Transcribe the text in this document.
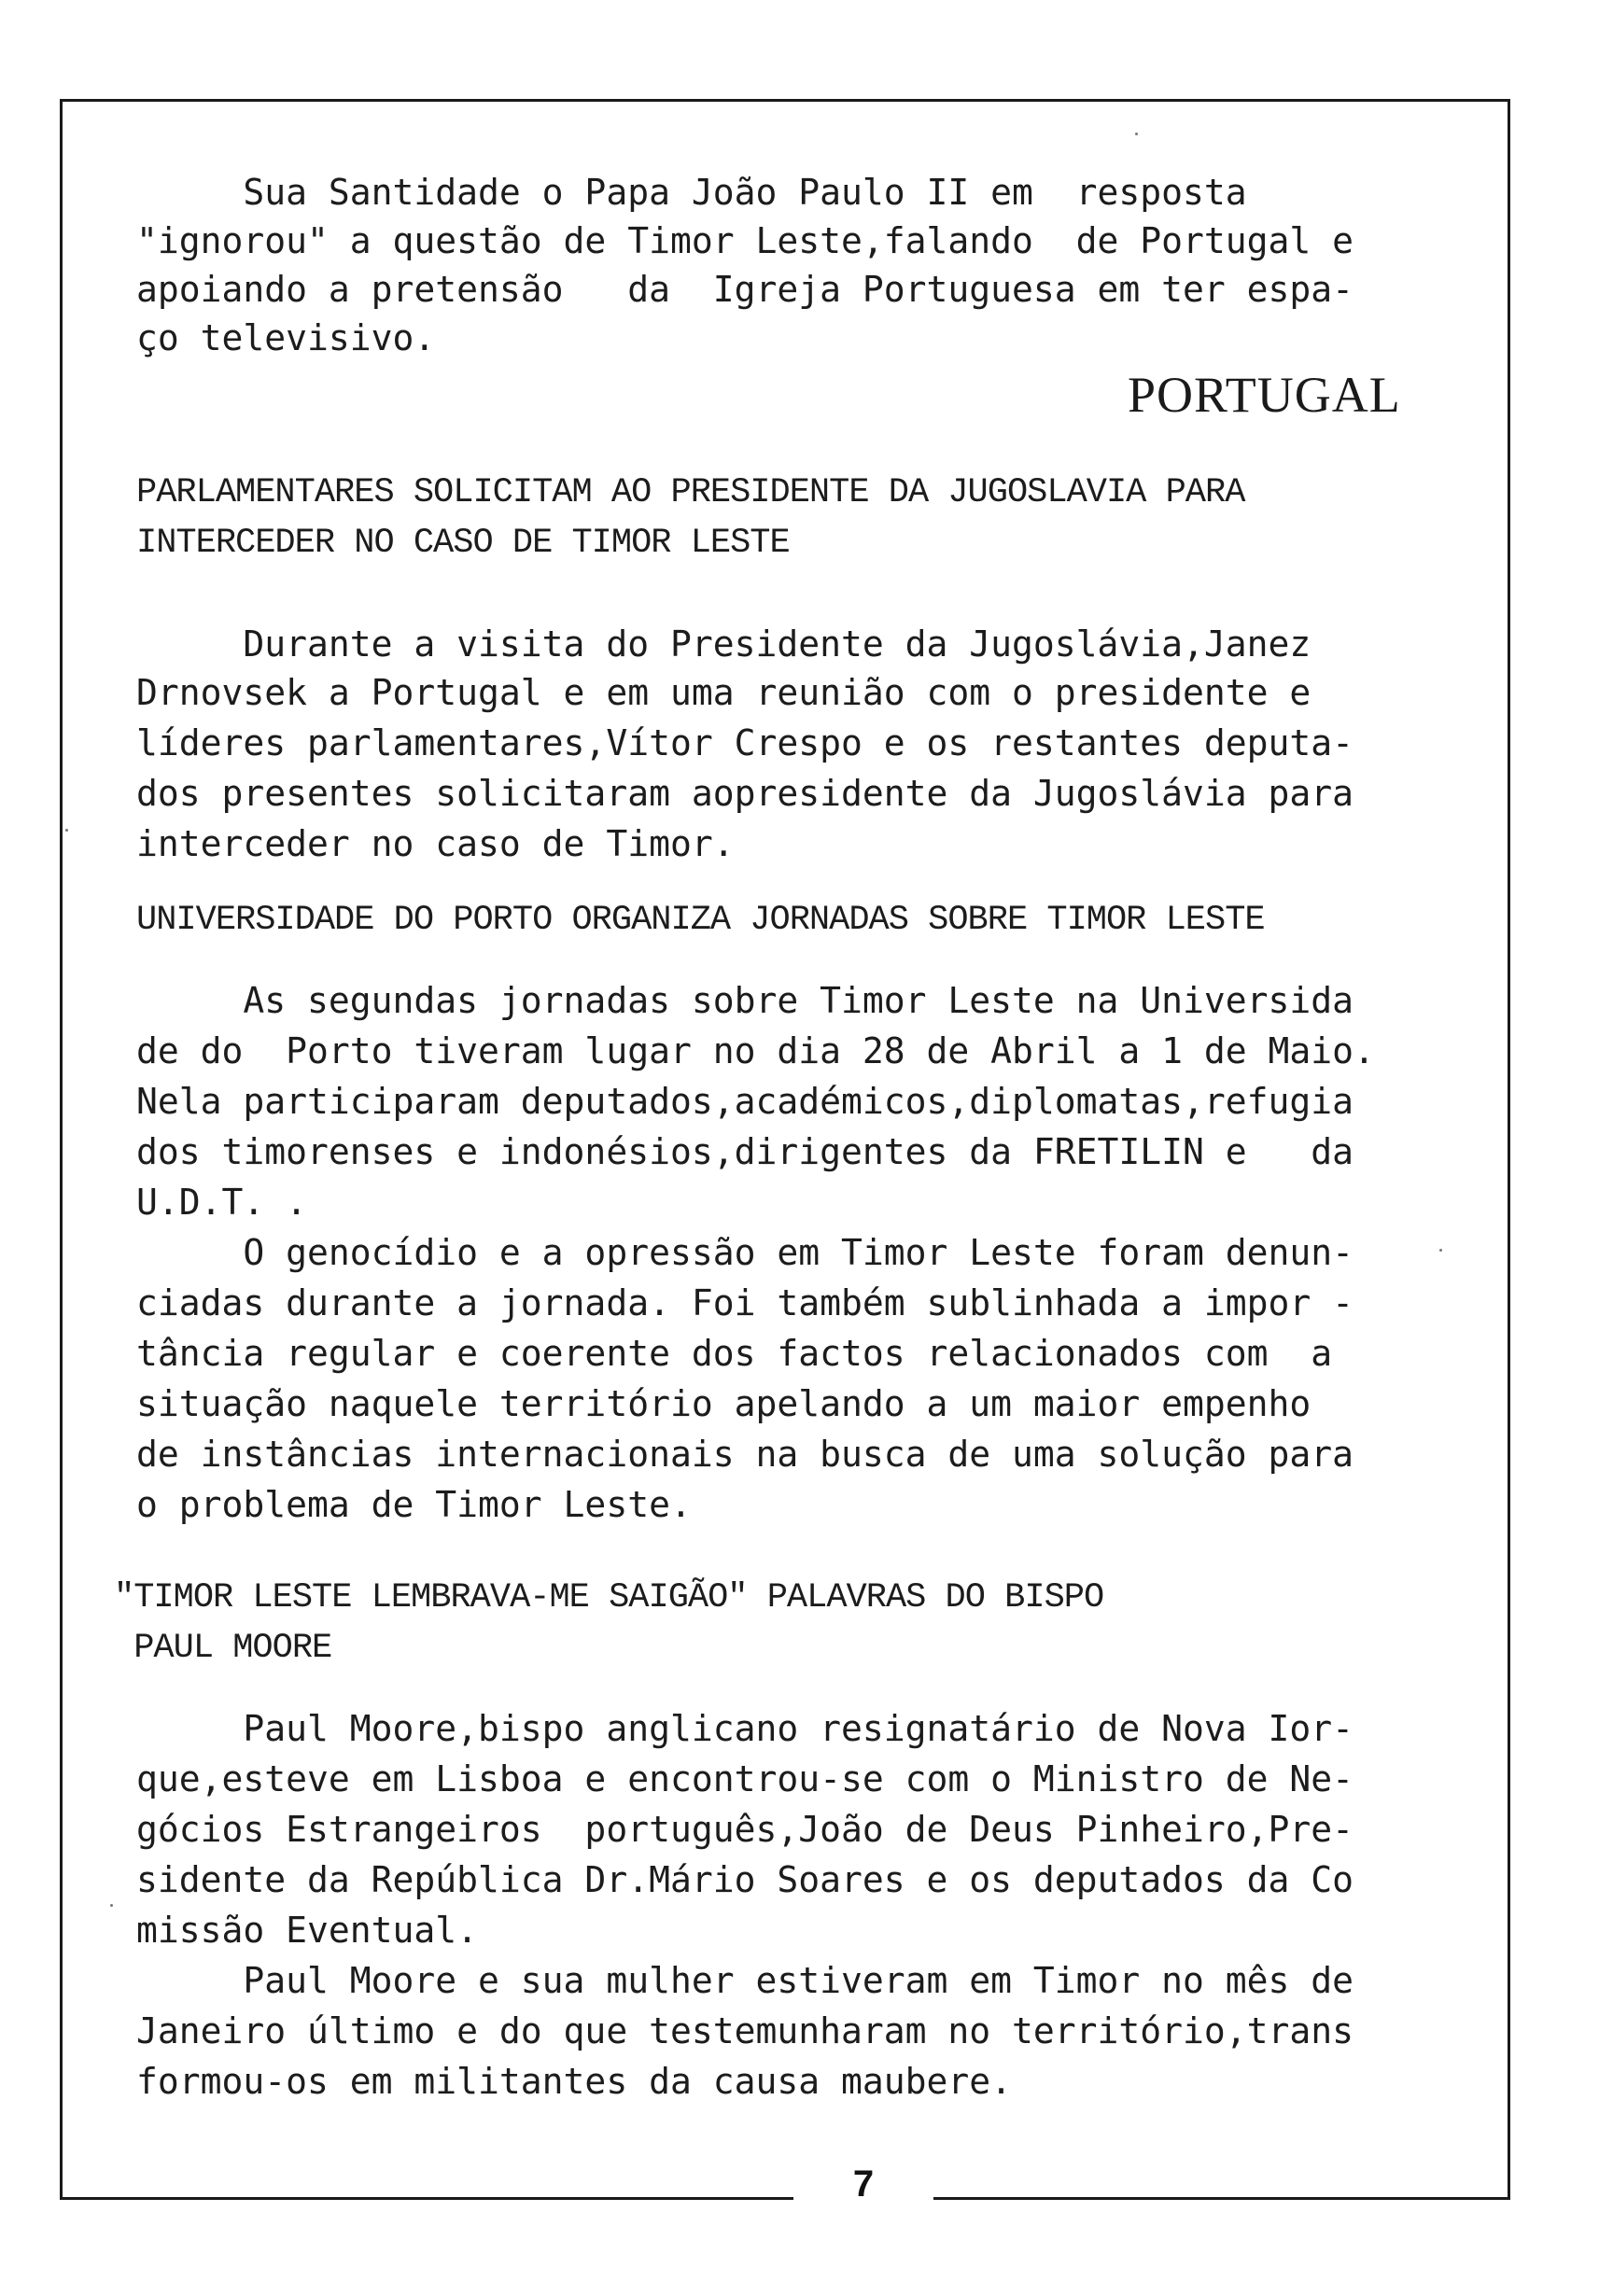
7
Sua Santidade o Papa João Paulo II em  resposta
"ignorou" a questão de Timor Leste,falando  de Portugal e
apoiando a pretensão   da  Igreja Portuguesa em ter espa-
ço televisivo.
PARLAMENTARES SOLICITAM AO PRESIDENTE DA JUGOSLAVIA PARA
INTERCEDER NO CASO DE TIMOR LESTE
Durante a visita do Presidente da Jugoslávia,Janez
Drnovsek a Portugal e em uma reunião com o presidente e
líderes parlamentares,Vítor Crespo e os restantes deputa-
dos presentes solicitaram aopresidente da Jugoslávia para
interceder no caso de Timor.
UNIVERSIDADE DO PORTO ORGANIZA JORNADAS SOBRE TIMOR LESTE
As segundas jornadas sobre Timor Leste na Universida
de do  Porto tiveram lugar no dia 28 de Abril a 1 de Maio.
Nela participaram deputados,académicos,diplomatas,refugia
dos timorenses e indonésios,dirigentes da FRETILIN e   da
U.D.T. .
O genocídio e a opressão em Timor Leste foram denun-
ciadas durante a jornada. Foi também sublinhada a impor -
tância regular e coerente dos factos relacionados com  a
situação naquele território apelando a um maior empenho
de instâncias internacionais na busca de uma solução para
o problema de Timor Leste.
"TIMOR LESTE LEMBRAVA-ME SAIGÃO" PALAVRAS DO BISPO
PAUL MOORE
Paul Moore,bispo anglicano resignatário de Nova Ior-
que,esteve em Lisboa e encontrou-se com o Ministro de Ne-
gócios Estrangeiros  português,João de Deus Pinheiro,Pre-
sidente da República Dr.Mário Soares e os deputados da Co
missão Eventual.
Paul Moore e sua mulher estiveram em Timor no mês de
Janeiro último e do que testemunharam no território,trans
formou-os em militantes da causa maubere.
PORTUGAL
